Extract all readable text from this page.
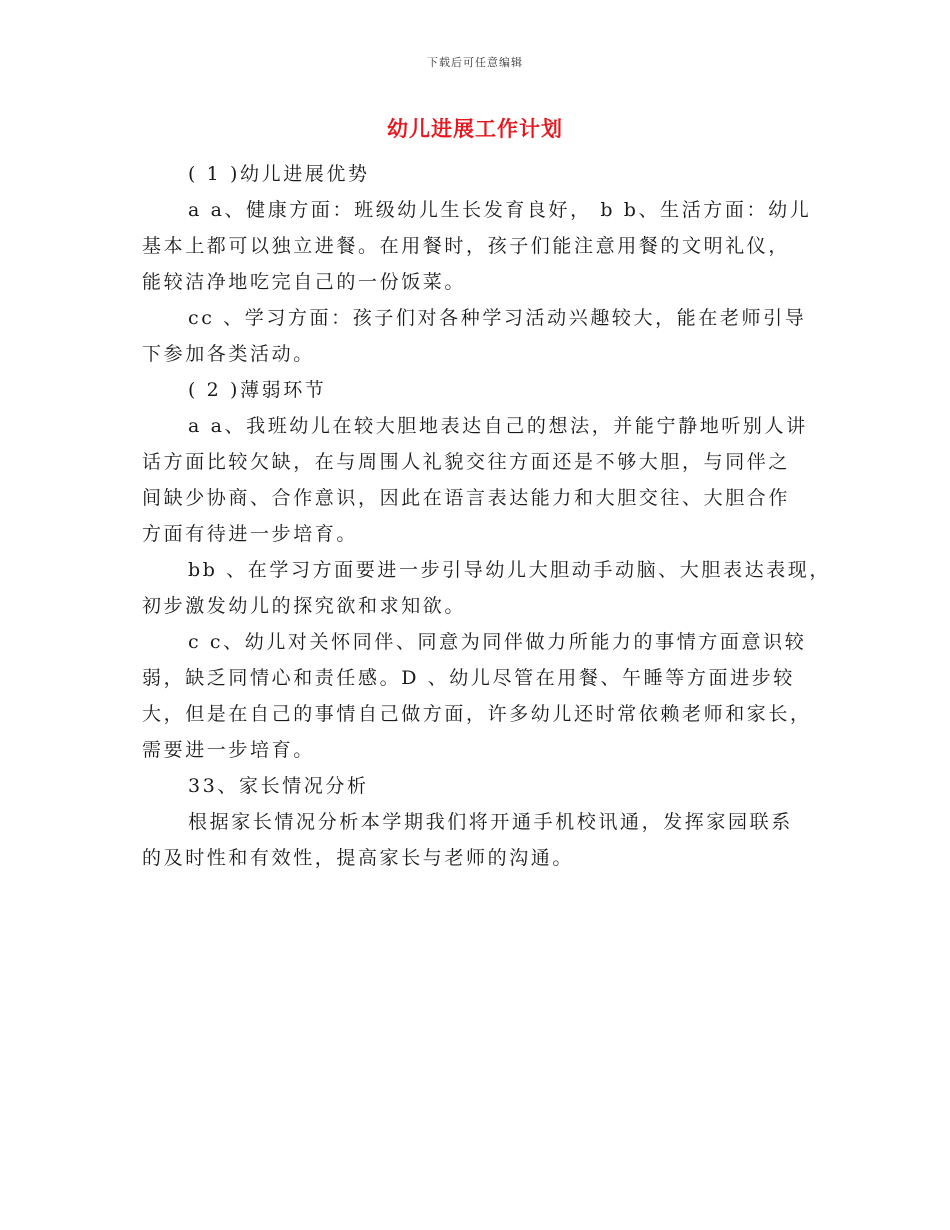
下载后可任意编辑
幼儿进展工作计划
( 1 )幼儿进展优势
a a、健康方面：班级幼儿生长发育良好， b b、生活方面：幼儿
基本上都可以独立进餐。在用餐时，孩子们能注意用餐的文明礼仪，
能较洁净地吃完自己的一份饭菜。
cc 、学习方面：孩子们对各种学习活动兴趣较大，能在老师引导
下参加各类活动。
( 2 )薄弱环节
a a、我班幼儿在较大胆地表达自己的想法，并能宁静地听别人讲
话方面比较欠缺，在与周围人礼貌交往方面还是不够大胆，与同伴之
间缺少协商、合作意识，因此在语言表达能力和大胆交往、大胆合作
方面有待进一步培育。
bb 、在学习方面要进一步引导幼儿大胆动手动脑、大胆表达表现，
初步激发幼儿的探究欲和求知欲。
c c、幼儿对关怀同伴、同意为同伴做力所能力的事情方面意识较
弱，缺乏同情心和责任感。D 、幼儿尽管在用餐、午睡等方面进步较
大，但是在自己的事情自己做方面，许多幼儿还时常依赖老师和家长，
需要进一步培育。
33、家长情况分析
根据家长情况分析本学期我们将开通手机校讯通，发挥家园联系
的及时性和有效性，提高家长与老师的沟通。
